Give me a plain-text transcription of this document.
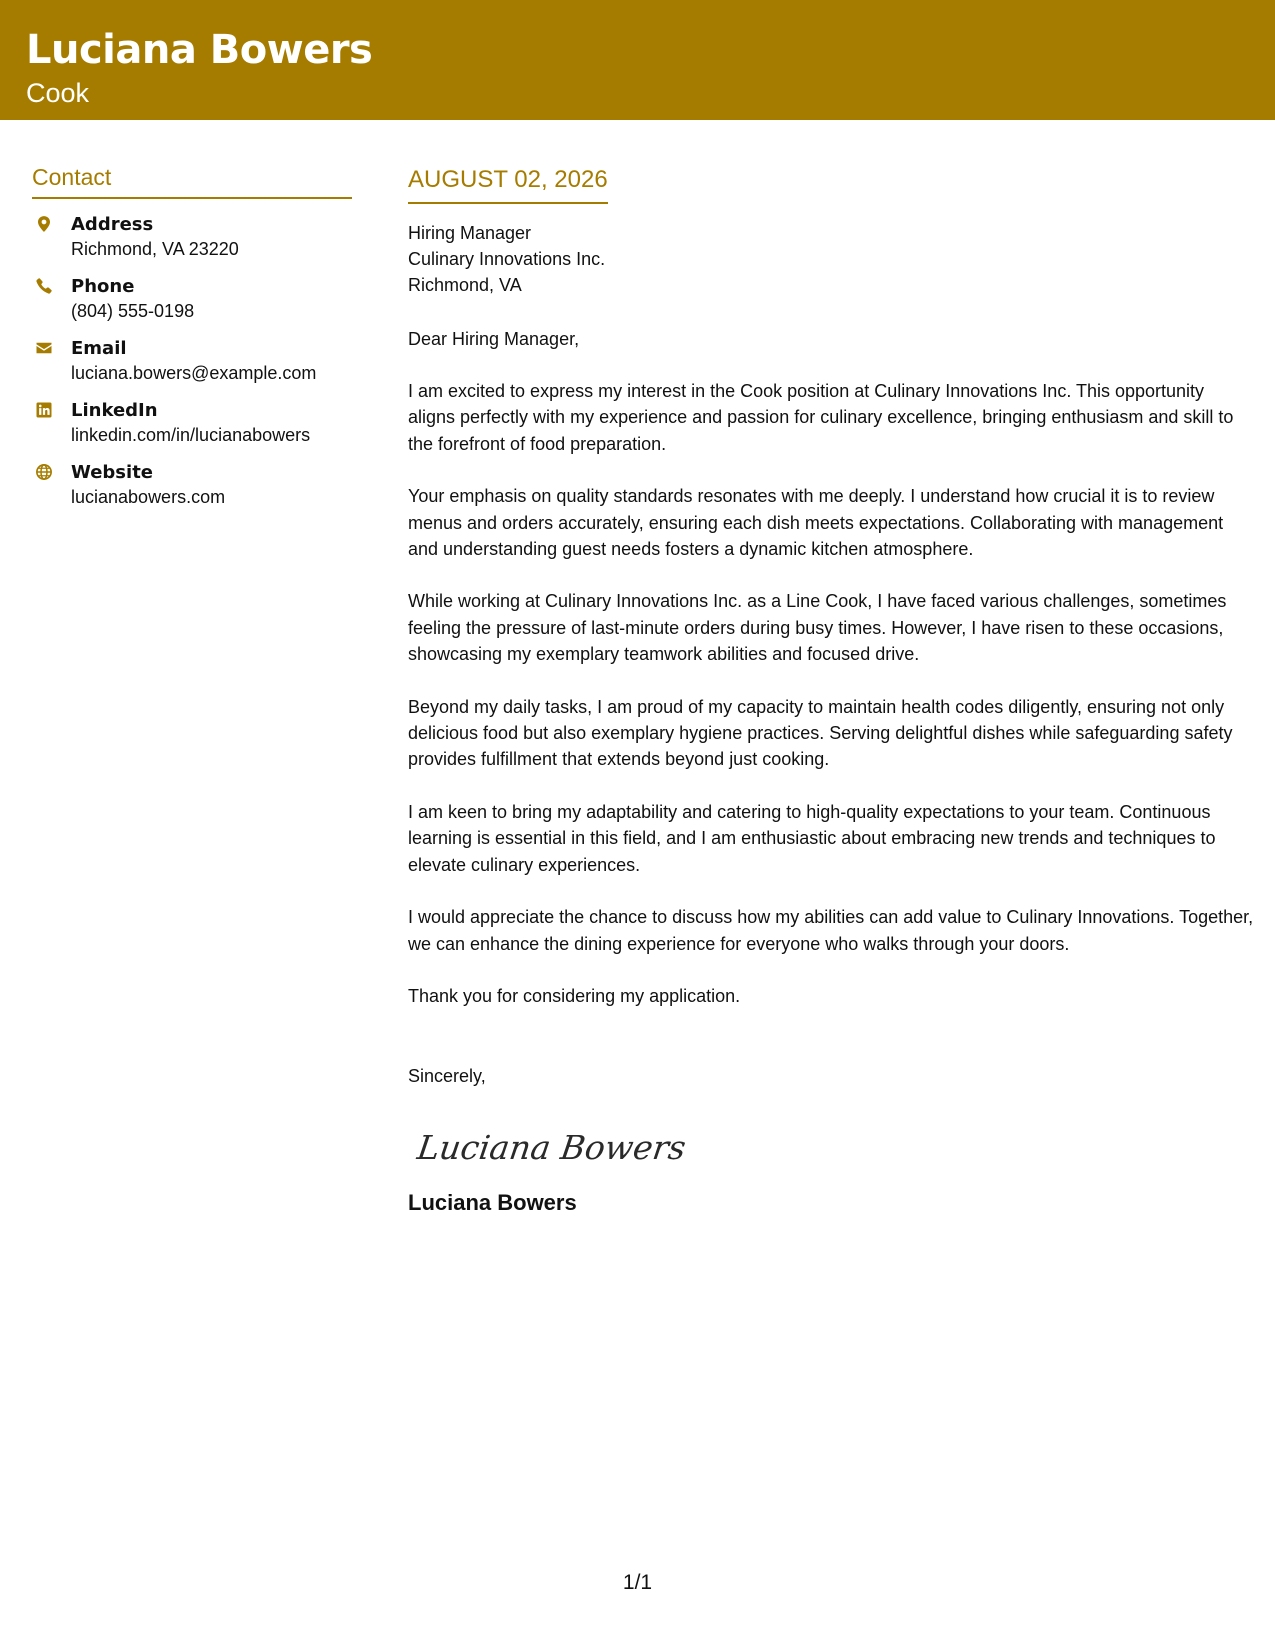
Luciana Bowers
Cook
Contact
Address
Richmond, VA 23220
Phone
(804) 555-0198
Email
luciana.bowers@example.com
LinkedIn
linkedin.com/in/lucianabowers
Website
lucianabowers.com
AUGUST 02, 2026
Hiring Manager
Culinary Innovations Inc.
Richmond, VA
Dear Hiring Manager,

I am excited to express my interest in the Cook position at Culinary Innovations Inc. This opportunity aligns perfectly with my experience and passion for culinary excellence, bringing enthusiasm and skill to the forefront of food preparation.

Your emphasis on quality standards resonates with me deeply. I understand how crucial it is to review menus and orders accurately, ensuring each dish meets expectations. Collaborating with management and understanding guest needs fosters a dynamic kitchen atmosphere.

While working at Culinary Innovations Inc. as a Line Cook, I have faced various challenges, sometimes feeling the pressure of last-minute orders during busy times. However, I have risen to these occasions, showcasing my exemplary teamwork abilities and focused drive.

Beyond my daily tasks, I am proud of my capacity to maintain health codes diligently, ensuring not only delicious food but also exemplary hygiene practices. Serving delightful dishes while safeguarding safety provides fulfillment that extends beyond just cooking.

I am keen to bring my adaptability and catering to high-quality expectations to your team. Continuous learning is essential in this field, and I am enthusiastic about embracing new trends and techniques to elevate culinary experiences.

I would appreciate the chance to discuss how my abilities can add value to Culinary Innovations. Together, we can enhance the dining experience for everyone who walks through your doors.

Thank you for considering my application.

Sincerely,
Luciana Bowers
Luciana Bowers
1/1
